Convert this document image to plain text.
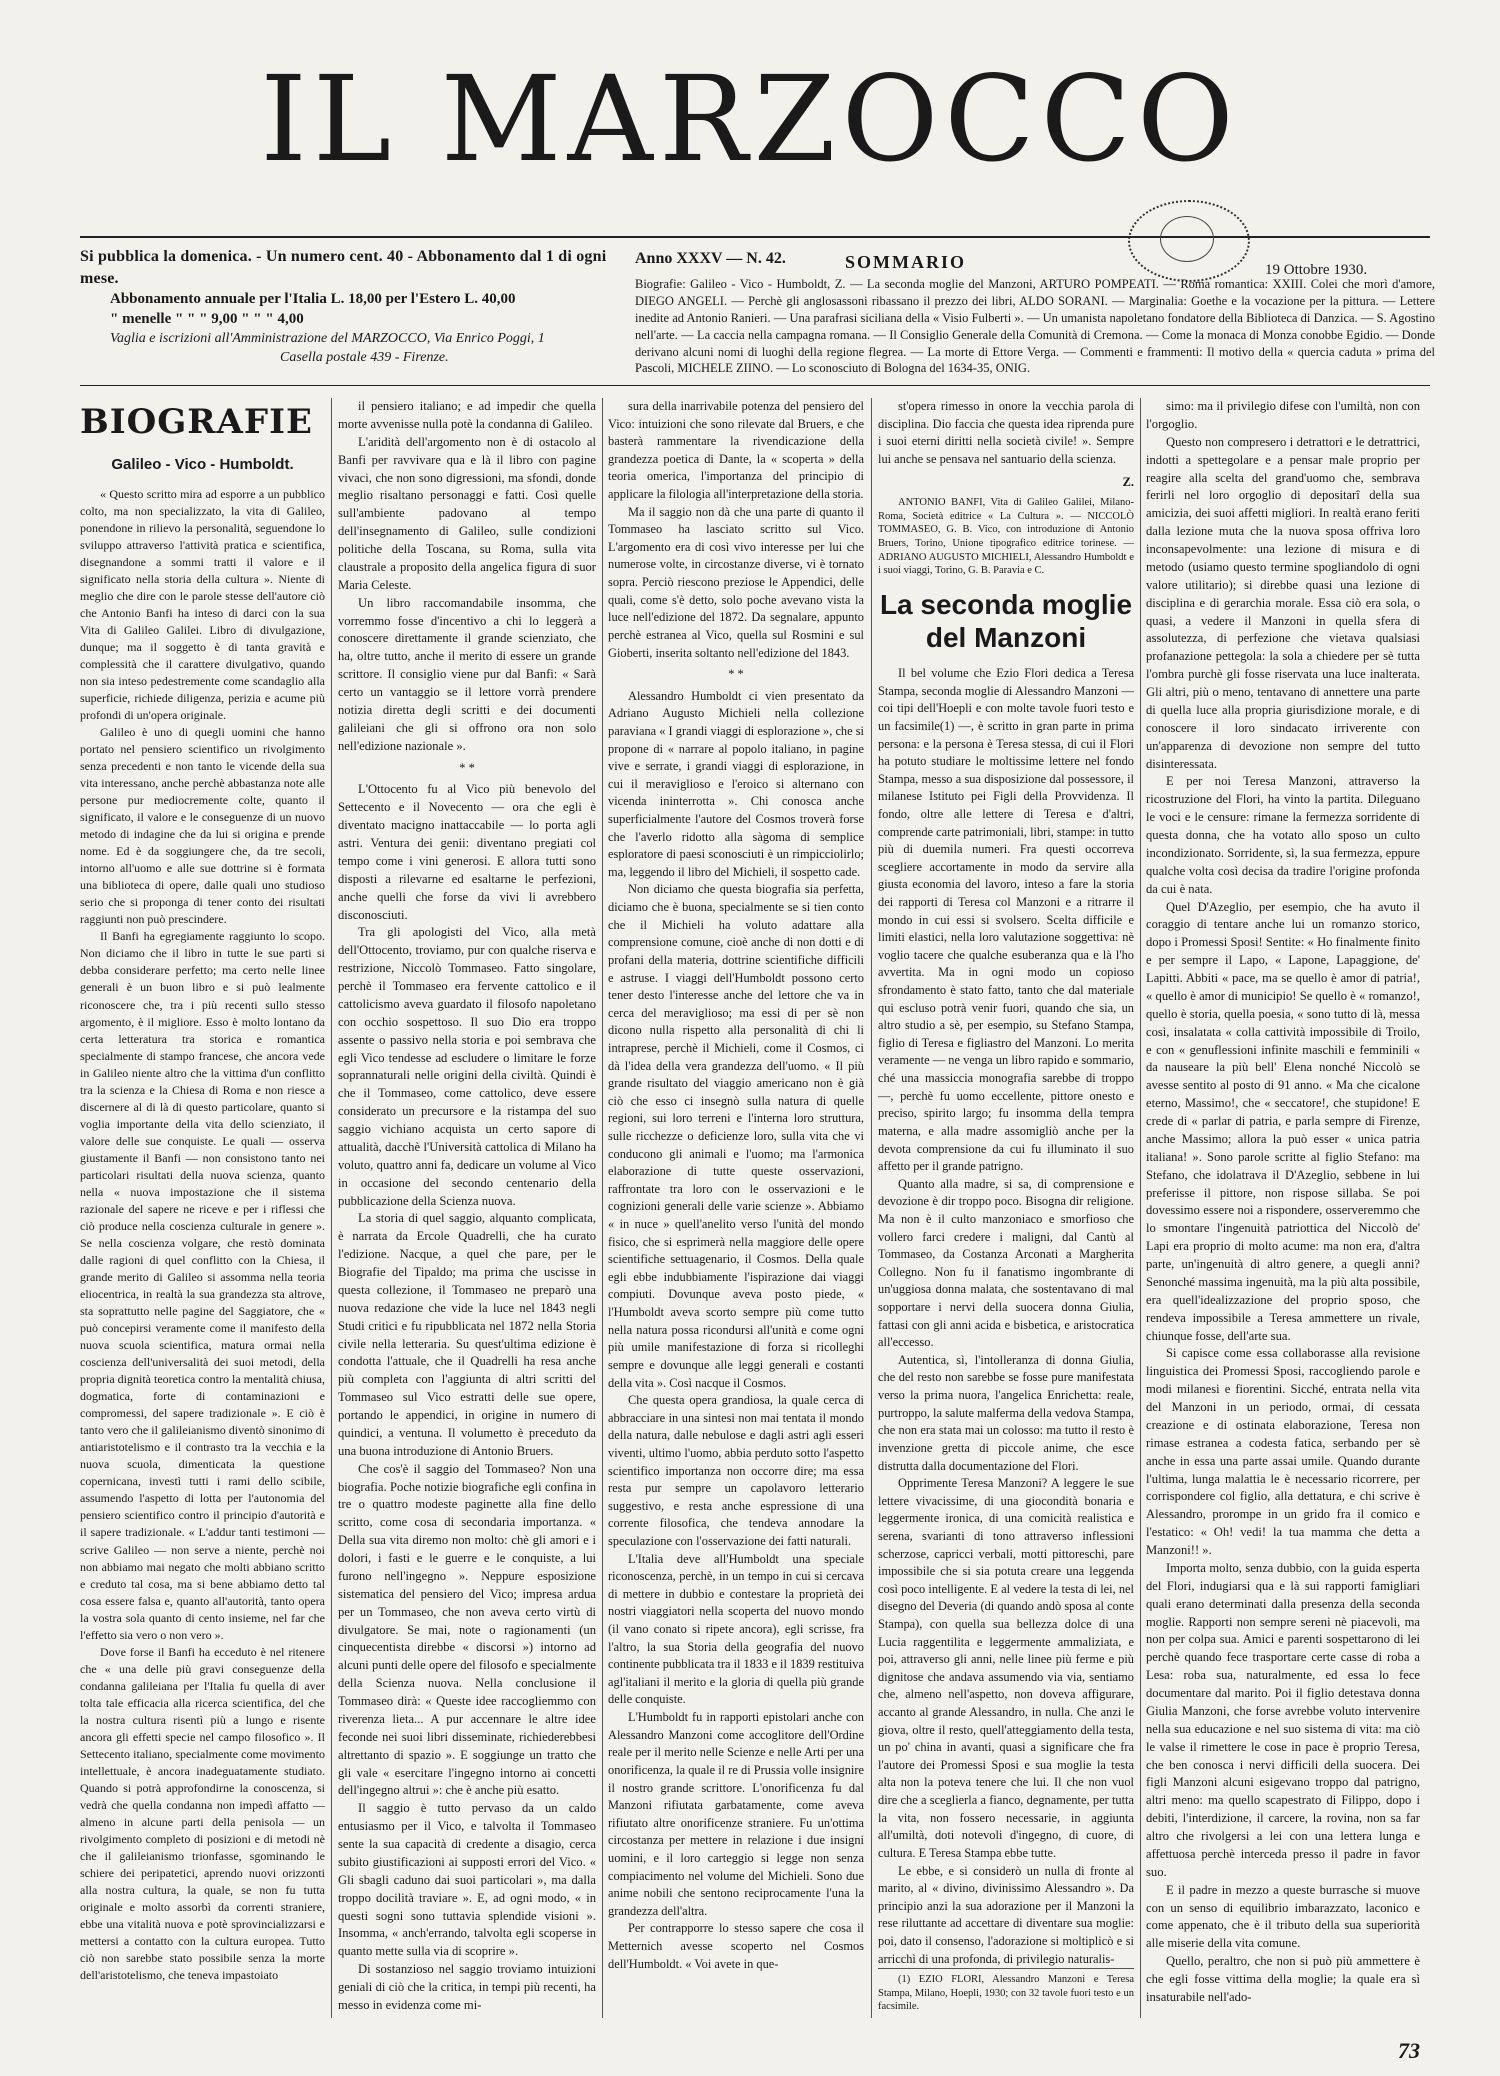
IL MARZOCCO
Si pubblica la domenica. - Un numero cent. 40 - Abbonamento dal 1 di ogni mese.
Abbonamento annuale per l'Italia L. 18,00 per l'Estero L. 40,00
" menelle " " " 9,00 " " " 4,00
Vaglia e iscrizioni all'Amministrazione del MARZOCCO, Via Enrico Poggi, 1
Casella postale 439 - Firenze.
Anno XXXV — N. 42.	SOMMARIO	19 Ottobre 1930.
Biografie: Galileo - Vico - Humboldt, Z. — La seconda moglie del Manzoni, ARTURO POMPEATI. — Roma romantica: XXIII. Colei che morì d'amore, DIEGO ANGELI. — Perchè gli anglosassoni ribassano il prezzo dei libri, ALDO SORANI. — Marginalia: Goethe e la vocazione per la pittura. — Lettere inedite ad Antonio Ranieri. — Una parafrasi siciliana della « Visio Fulberti ». — Un umanista napoletano fondatore della Biblioteca di Danzica. — S. Agostino nell'arte. — La caccia nella campagna romana. — Il Consiglio Generale della Comunità di Cremona. — Come la monaca di Monza conobbe Egidio. — Donde derivano alcuni nomi di luoghi della regione flegrea. — La morte di Ettore Verga. — Commenti e frammenti: Il motivo della « quercia caduta » prima del Pascoli, MICHELE ZIINO. — Lo sconosciuto di Bologna del 1634-35, ONIG.
BIOGRAFIE
Galileo - Vico - Humboldt.

« Questo scritto mira ad esporre a un pubblico colto, ma non specializzato, la vita di Galileo, ponendone in rilievo la personalità, seguendone lo sviluppo attraverso l'attività pratica e scientifica, disegnandone a sommi tratti il valore e il significato nella storia della cultura ». Niente di meglio che dire con le parole stesse dell'autore ciò che Antonio Banfi ha inteso di darci con la sua Vita di Galileo Galilei. Libro di divulgazione, dunque; ma il soggetto è di tanta gravità e complessità che il carattere divulgativo, quando non sia inteso pedestremente come scandaglio alla superficie, richiede diligenza, perizia e acume più profondi di un'opera originale.

Galileo è uno di quegli uomini che hanno portato nel pensiero scientifico un rivolgimento senza precedenti e non tanto le vicende della sua vita interessano, anche perchè abbastanza note alle persone pur mediocremente colte, quanto il significato, il valore e le conseguenze di un nuovo metodo di indagine che da lui si origina e prende nome. Ed è da soggiungere che, da tre secoli, intorno all'uomo e alle sue dottrine si è formata una biblioteca di opere, dalle quali uno studioso serio che si proponga di tener conto dei risultati raggiunti non può prescindere.

Il Banfi ha egregiamente raggiunto lo scopo. Non diciamo che il libro in tutte le sue parti si debba considerare perfetto; ma certo nelle linee generali è un buon libro e si può lealmente riconoscere che, tra i più recenti sullo stesso argomento, è il migliore. Esso è molto lontano da certa letteratura tra storica e romantica specialmente di stampo francese, che ancora vede in Galileo niente altro che la vittima d'un conflitto tra la scienza e la Chiesa di Roma e non riesce a discernere al di là di questo particolare, quanto si voglia importante della vita dello scienziato, il valore delle sue conquiste. Le quali — osserva giustamente il Banfi — non consistono tanto nei particolari risultati della nuova scienza, quanto nella « nuova impostazione che il sistema razionale del sapere ne riceve e per i riflessi che ciò produce nella coscienza culturale in genere ». Se nella coscienza volgare, che restò dominata dalle ragioni di quel conflitto con la Chiesa, il grande merito di Galileo si assomma nella teoria eliocentrica, in realtà la sua grandezza sta altrove, sta soprattutto nelle pagine del Saggiatore, che « può concepirsi veramente come il manifesto della nuova scuola scientifica, matura ormai nella coscienza dell'universalità dei suoi metodi, della propria dignità teoretica contro la mentalità chiusa, dogmatica, forte di contaminazioni e compromessi, del sapere tradizionale ». E ciò è tanto vero che il galileianismo diventò sinonimo di antiaristotelismo e il contrasto tra la vecchia e la nuova scuola, dimenticata la questione copernicana, investì tutti i rami dello scibile, assumendo l'aspetto di lotta per l'autonomia del pensiero scientifico contro il principio d'autorità e il sapere tradizionale. « L'addur tanti testimoni — scrive Galileo — non serve a niente, perchè noi non abbiamo mai negato che molti abbiano scritto e creduto tal cosa, ma si bene abbiamo detto tal cosa essere falsa e, quanto all'autorità, tanto opera la vostra sola quanto di cento insieme, nel far che l'effetto sia vero o non vero ».

Dove forse il Banfi ha ecceduto è nel ritenere che « una delle più gravi conseguenze della condanna galileiana per l'Italia fu quella di aver tolta tale efficacia alla ricerca scientifica, del che la nostra cultura risentì più a lungo e risente ancora gli effetti specie nel campo filosofico ». Il Settecento italiano, specialmente come movimento intellettuale, è ancora inadeguatamente studiato. Quando si potrà approfondirne la conoscenza, si vedrà che quella condanna non impedì affatto — almeno in alcune parti della penisola — un rivolgimento completo di posizioni e di metodi nè che il galileianismo trionfasse, sgominando le schiere dei peripatetici, aprendo nuovi orizzonti alla nostra cultura, la quale, se non fu tutta originale e molto assorbì da correnti straniere, ebbe una vitalità nuova e potè sprovincializzarsi e mettersi a contatto con la cultura europea. Tutto ciò non sarebbe stato possibile senza la morte dell'aristotelismo, che teneva impastoiato

il pensiero italiano; e ad impedir che quella morte avvenisse nulla potè la condanna di Galileo.

L'aridità dell'argomento non è di ostacolo al Banfi per ravvivare qua e là il libro con pagine vivaci, che non sono digressioni, ma sfondi, donde meglio risaltano personaggi e fatti. Così quelle sull'ambiente padovano al tempo dell'insegnamento di Galileo, sulle condizioni politiche della Toscana, su Roma, sulla vita claustrale a proposito della angelica figura di suor Maria Celeste.

Un libro raccomandabile insomma, che vorremmo fosse d'incentivo a chi lo leggerà a conoscere direttamente il grande scienziato, che ha, oltre tutto, anche il merito di essere un grande scrittore. Il consiglio viene pur dal Banfi: « Sarà certo un vantaggio se il lettore vorrà prendere notizia diretta degli scritti e dei documenti galileiani che gli si offrono ora non solo nell'edizione nazionale ».

* *

L'Ottocento fu al Vico più benevolo del Settecento e il Novecento — ora che egli è diventato macigno inattaccabile — lo porta agli astri. Ventura dei genii: diventano pregiati col tempo come i vini generosi. E allora tutti sono disposti a rilevarne ed esaltarne le perfezioni, anche quelli che forse da vivi li avrebbero disconosciuti.

Tra gli apologisti del Vico, alla metà dell'Ottocento, troviamo, pur con qualche riserva e restrizione, Niccolò Tommaseo. Fatto singolare, perchè il Tommaseo era fervente cattolico e il cattolicismo aveva guardato il filosofo napoletano con occhio sospettoso. Il suo Dio era troppo assente o passivo nella storia e poi sembrava che egli Vico tendesse ad escludere o limitare le forze soprannaturali nelle origini della civiltà. Quindi è che il Tommaseo, come cattolico, deve essere considerato un precursore e la ristampa del suo saggio vichiano acquista un certo sapore di attualità, dacchè l'Università cattolica di Milano ha voluto, quattro anni fa, dedicare un volume al Vico in occasione del secondo centenario della pubblicazione della Scienza nuova.

La storia di quel saggio, alquanto complicata, è narrata da Ercole Quadrelli, che ha curato l'edizione. Nacque, a quel che pare, per le Biografie del Tipaldo; ma prima che uscisse in questa collezione, il Tommaseo ne preparò una nuova redazione che vide la luce nel 1843 negli Studi critici e fu ripubblicata nel 1872 nella Storia civile nella letteraria. Su quest'ultima edizione è condotta l'attuale, che il Quadrelli ha resa anche più completa con l'aggiunta di altri scritti del Tommaseo sul Vico estratti delle sue opere, portando le appendici, in origine in numero di quindici, a ventuna. Il volumetto è preceduto da una buona introduzione di Antonio Bruers.

Che cos'è il saggio del Tommaseo? Non una biografia. Poche notizie biografiche egli confina in tre o quattro modeste paginette alla fine dello scritto, come cosa di secondaria importanza. « Della sua vita diremo non molto: chè gli amori e i dolori, i fasti e le guerre e le conquiste, a lui furono nell'ingegno ». Neppure esposizione sistematica del pensiero del Vico; impresa ardua per un Tommaseo, che non aveva certo virtù di divulgatore. Se mai, note o ragionamenti (un cinquecentista direbbe « discorsi ») intorno ad alcuni punti delle opere del filosofo e specialmente della Scienza nuova. Nella conclusione il Tommaseo dirà: « Queste idee raccogliemmo con riverenza lieta... A pur accennare le altre idee feconde nei suoi libri disseminate, richiederebbesi altrettanto di spazio ». E soggiunge un tratto che gli vale « esercitare l'ingegno intorno ai concetti dell'ingegno altrui »: che è anche più esatto.

Il saggio è tutto pervaso da un caldo entusiasmo per il Vico, e talvolta il Tommaseo sente la sua capacità di credente a disagio, cerca subito giustificazioni ai supposti errori del Vico. « Gli sbagli caduno dai suoi particolari », ma dalla troppo docilità traviare ». E, ad ogni modo, « in questi sogni sono tuttavia splendide visioni ». Insomma, « anch'errando, talvolta egli scoperse in quanto mette sulla via di scoprire ».

Di sostanzioso nel saggio troviamo intuizioni geniali di ciò che la critica, in tempi più recenti, ha messo in evidenza come mi-

sura della inarrivabile potenza del pensiero del Vico: intuizioni che sono rilevate dal Bruers, e che basterà rammentare la rivendicazione della grandezza poetica di Dante, la « scoperta » della teoria omerica, l'importanza del principio di applicare la filologia all'interpretazione della storia.

Ma il saggio non dà che una parte di quanto il Tommaseo ha lasciato scritto sul Vico. L'argomento era di così vivo interesse per lui che numerose volte, in circostanze diverse, vi è tornato sopra. Perciò riescono preziose le Appendici, delle quali, come s'è detto, solo poche avevano vista la luce nell'edizione del 1872. Da segnalare, appunto perchè estranea al Vico, quella sul Rosmini e sul Gioberti, inserita soltanto nell'edizione del 1843.

* *

Alessandro Humboldt ci vien presentato da Adriano Augusto Michieli nella collezione paraviana « I grandi viaggi di esplorazione », che si propone di « narrare al popolo italiano, in pagine vive e serrate, i grandi viaggi di esplorazione, in cui il meraviglioso e l'eroico si alternano con vicenda ininterrotta ». Chi conosca anche superficialmente l'autore del Cosmos troverà forse che l'averlo ridotto alla sàgoma di semplice esploratore di paesi sconosciuti è un rimpicciolirlo; ma, leggendo il libro del Michieli, il sospetto cade.

Non diciamo che questa biografia sia perfetta, diciamo che è buona, specialmente se si tien conto che il Michieli ha voluto adattare alla comprensione comune, cioè anche di non dotti e di profani della materia, dottrine scientifiche difficili e astruse. I viaggi dell'Humboldt possono certo tener desto l'interesse anche del lettore che va in cerca del meraviglioso; ma essi di per sè non dicono nulla rispetto alla personalità di chi li intraprese, perchè il Michieli, come il Cosmos, ci dà l'idea della vera grandezza dell'uomo. « Il più grande risultato del viaggio americano non è già ciò che esso ci insegnò sulla natura di quelle regioni, sui loro terreni e l'interna loro struttura, sulle ricchezze o deficienze loro, sulla vita che vi conducono gli animali e l'uomo; ma l'armonica elaborazione di tutte queste osservazioni, raffrontate tra loro con le osservazioni e le cognizioni generali delle varie scienze ». Abbiamo « in nuce » quell'anelito verso l'unità del mondo fisico, che si esprimerà nella maggiore delle opere scientifiche settuagenario, il Cosmos. Della quale egli ebbe indubbiamente l'ispirazione dai viaggi compiuti. Dovunque aveva posto piede, « l'Humboldt aveva scorto sempre più come tutto nella natura possa ricondursi all'unità e come ogni più umile manifestazione di forza si ricolleghi sempre e dovunque alle leggi generali e costanti della vita ». Così nacque il Cosmos.

Che questa opera grandiosa, la quale cerca di abbracciare in una sintesi non mai tentata il mondo della natura, dalle nebulose e dagli astri agli esseri viventi, ultimo l'uomo, abbia perduto sotto l'aspetto scientifico importanza non occorre dire; ma essa resta pur sempre un capolavoro letterario suggestivo, e resta anche espressione di una corrente filosofica, che tendeva annodare la speculazione con l'osservazione dei fatti naturali.

L'Italia deve all'Humboldt una speciale riconoscenza, perchè, in un tempo in cui si cercava di mettere in dubbio e contestare la proprietà dei nostri viaggiatori nella scoperta del nuovo mondo (il vano conato si ripete ancora), egli scrisse, fra l'altro, la sua Storia della geografia del nuovo continente pubblicata tra il 1833 e il 1839 restituiva agl'italiani il merito e la gloria di quella più grande delle conquiste.

L'Humboldt fu in rapporti epistolari anche con Alessandro Manzoni come accoglitore dell'Ordine reale per il merito nelle Scienze e nelle Arti per una onorificenza, la quale il re di Prussia volle insignire il nostro grande scrittore. L'onorificenza fu dal Manzoni rifiutata garbatamente, come aveva rifiutato altre onorificenze straniere. Fu un'ottima circostanza per mettere in relazione i due insigni uomini, e il loro carteggio si legge non senza compiacimento nel volume del Michieli. Sono due anime nobili che sentono reciprocamente l'una la grandezza dell'altra.

Per contrapporre lo stesso sapere che cosa il Metternich avesse scoperto nel Cosmos dell'Humboldt. « Voi avete in que-

st'opera rimesso in onore la vecchia parola di disciplina. Dio faccia che questa idea riprenda pure i suoi eterni diritti nella società civile! ». Sempre lui anche se pensava nel santuario della scienza.

Z.

ANTONIO BANFI, Vita di Galileo Galilei, Milano-Roma, Società editrice « La Cultura ». — NICCOLÒ TOMMASEO, G. B. Vico, con introduzione di Antonio Bruers, Torino, Unione tipografico editrice torinese. — ADRIANO AUGUSTO MICHIELI, Alessandro Humboldt e i suoi viaggi, Torino, G. B. Paravia e C.

La seconda moglie del Manzoni

Il bel volume che Ezio Flori dedica a Teresa Stampa, seconda moglie di Alessandro Manzoni — coi tipi dell'Hoepli e con molte tavole fuori testo e un facsimile(1) —, è scritto in gran parte in prima persona: e la persona è Teresa stessa, di cui il Flori ha potuto studiare le moltissime lettere nel fondo Stampa, messo a sua disposizione dal possessore, il milanese Istituto pei Figli della Provvidenza. Il fondo, oltre alle lettere di Teresa e d'altri, comprende carte patrimoniali, libri, stampe: in tutto più di duemila numeri. Fra questi occorreva scegliere accortamente in modo da servire alla giusta economia del lavoro, inteso a fare la storia dei rapporti di Teresa col Manzoni e a ritrarre il mondo in cui essi si svolsero. Scelta difficile e limiti elastici, nella loro valutazione soggettiva: nè voglio tacere che qualche esuberanza qua e là l'ho avvertita. Ma in ogni modo un copioso sfrondamento è stato fatto, tanto che dal materiale qui escluso potrà venir fuori, quando che sia, un altro studio a sè, per esempio, su Stefano Stampa, figlio di Teresa e figliastro del Manzoni. Lo merita veramente — ne venga un libro rapido e sommario, ché una massiccia monografia sarebbe di troppo —, perchè fu uomo eccellente, pittore onesto e preciso, spirito largo; fu insomma della tempra materna, e alla madre assomigliò anche per la devota comprensione da cui fu illuminato il suo affetto per il grande patrigno.

Quanto alla madre, si sa, di comprensione e devozione è dir troppo poco. Bisogna dir religione. Ma non è il culto manzoniaco e smorfioso che vollero farci credere i maligni, dal Cantù al Tommaseo, da Costanza Arconati a Margherita Collegno. Non fu il fanatismo ingombrante di un'uggiosa donna malata, che sostentavano di mal sopportare i nervi della suocera donna Giulia, fattasi con gli anni acida e bisbetica, e aristocratica all'eccesso.

Autentica, sì, l'intolleranza di donna Giulia, che del resto non sarebbe se fosse pure manifestata verso la prima nuora, l'angelica Enrichetta: reale, purtroppo, la salute malferma della vedova Stampa, che non era stata mai un colosso: ma tutto il resto è invenzione gretta di piccole anime, che esce distrutta dalla documentazione del Flori.

Opprimente Teresa Manzoni? A leggere le sue lettere vivacissime, di una giocondità bonaria e leggermente ironica, di una comicità realistica e serena, svarianti di tono attraverso inflessioni scherzose, capricci verbali, motti pittoreschi, pare impossibile che si sia potuta creare una leggenda così poco intelligente. E al vedere la testa di lei, nel disegno del Deveria (di quando andò sposa al conte Stampa), con quella sua bellezza dolce di una Lucia raggentilita e leggermente ammaliziata, e poi, attraverso gli anni, nelle linee più ferme e più dignitose che andava assumendo via via, sentiamo che, almeno nell'aspetto, non doveva affigurare, accanto al grande Alessandro, in nulla. Che anzi le giova, oltre il resto, quell'atteggiamento della testa, un po' china in avanti, quasi a significare che fra l'autore dei Promessi Sposi e sua moglie la testa alta non la poteva tenere che lui. Il che non vuol dire che a sceglierla a fianco, degnamente, per tutta la vita, non fossero necessarie, in aggiunta all'umiltà, doti notevoli d'ingegno, di cuore, di cultura. E Teresa Stampa ebbe tutte.

Le ebbe, e si considerò un nulla di fronte al marito, al « divino, divinissimo Alessandro ». Da principio anzi la sua adorazione per il Manzoni la rese riluttante ad accettare di diventare sua moglie: poi, dato il consenso, l'adorazione si moltiplicò e si arricchì di una profonda, di privilegio naturalis-

(1) EZIO FLORI, Alessandro Manzoni e Teresa Stampa, Milano, Hoepli, 1930; con 32 tavole fuori testo e un facsimile.

simo: ma il privilegio difese con l'umiltà, non con l'orgoglio.

Questo non compresero i detrattori e le detrattrici, indotti a spettegolare e a pensar male proprio per reagire alla scelta del grand'uomo che, sembrava ferirli nel loro orgoglio di depositarî della sua amicizia, dei suoi affetti migliori. In realtà erano feriti dalla lezione muta che la nuova sposa offriva loro inconsapevolmente: una lezione di misura e di metodo (usiamo questo termine spogliandolo di ogni valore utilitario); si direbbe quasi una lezione di disciplina e di gerarchia morale. Essa ciò era sola, o quasi, a vedere il Manzoni in quella sfera di assolutezza, di perfezione che vietava qualsiasi profanazione pettegola: la sola a chiedere per sè tutta l'ombra purchè gli fosse riservata una luce inalterata. Gli altri, più o meno, tentavano di annettere una parte di quella luce alla propria giurisdizione morale, e di conoscere il loro sindacato irriverente con un'apparenza di devozione non sempre del tutto disinteressata.

E per noi Teresa Manzoni, attraverso la ricostruzione del Flori, ha vinto la partita. Dileguano le voci e le censure: rimane la fermezza sorridente di questa donna, che ha votato allo sposo un culto incondizionato. Sorridente, sì, la sua fermezza, eppure qualche volta così decisa da tradire l'origine profonda da cui è nata.

Quel D'Azeglio, per esempio, che ha avuto il coraggio di tentare anche lui un romanzo storico, dopo i Promessi Sposi! Sentite: « Ho finalmente finito e per sempre il Lapo, « Lapone, Lapaggione, de' Lapitti. Abbiti « pace, ma se quello è amor di patria!, « quello è amor di municipio! Se quello è « romanzo!, quello è storia, quella poesia, « sono tutto di là, messa così, insalatata « colla cattività impossibile di Troilo, e con « genuflessioni infinite maschili e femminili « da nauseare la più bell' Elena nonché Niccolò se avesse sentito al posto di 91 anno. « Ma che cicalone eterno, Massimo!, che « seccatore!, che stupidone! E crede di « parlar di patria, e parla sempre di Firenze, anche Massimo; allora la può esser « unica patria italiana! ». Sono parole scritte al figlio Stefano: ma Stefano, che idolatrava il D'Azeglio, sebbene in lui preferisse il pittore, non rispose sillaba. Se poi dovessimo essere noi a rispondere, osserveremmo che lo smontare l'ingenuità patriottica del Niccolò de' Lapi era proprio di molto acume: ma non era, d'altra parte, un'ingenuità di altro genere, a quegli anni? Senonché massima ingenuità, ma la più alta possibile, era quell'idealizzazione del proprio sposo, che rendeva impossibile a Teresa ammettere un rivale, chiunque fosse, dell'arte sua.

Si capisce come essa collaborasse alla revisione linguistica dei Promessi Sposi, raccogliendo parole e modi milanesi e fiorentini. Sicché, entrata nella vita del Manzoni in un periodo, ormai, di cessata creazione e di ostinata elaborazione, Teresa non rimase estranea a codesta fatica, serbando per sè anche in essa una parte assai umile. Quando durante l'ultima, lunga malattia le è necessario ricorrere, per corrispondere col figlio, alla dettatura, e chi scrive è Alessandro, prorompe in un grido fra il comico e l'estatico: « Oh! vedi! la tua mamma che detta a Manzoni!! ».

Importa molto, senza dubbio, con la guida esperta del Flori, indugiarsi qua e là sui rapporti famigliari quali erano determinati dalla presenza della seconda moglie. Rapporti non sempre sereni nè piacevoli, ma non per colpa sua. Amici e parenti sospettarono di lei perchè quando fece trasportare certe casse di roba a Lesa: roba sua, naturalmente, ed essa lo fece documentare dal marito. Poi il figlio detestava donna Giulia Manzoni, che forse avrebbe voluto intervenire nella sua educazione e nel suo sistema di vita: ma ciò le valse il rimettere le cose in pace è proprio Teresa, che ben conosca i nervi difficili della suocera. Dei figli Manzoni alcuni esigevano troppo dal patrigno, altri meno: ma quello scapestrato di Filippo, dopo i debiti, l'interdizione, il carcere, la rovina, non sa far altro che rivolgersi a lei con una lettera lunga e affettuosa perchè interceda presso il padre in favor suo.

E il padre in mezzo a queste burrasche si muove con un senso di equilibrio imbarazzato, laconico e come appenato, che è il tributo della sua superiorità alle miserie della vita comune.

Quello, peraltro, che non si può più ammettere è che egli fosse vittima della moglie; la quale era sì insaturabile nell'ado-

73
